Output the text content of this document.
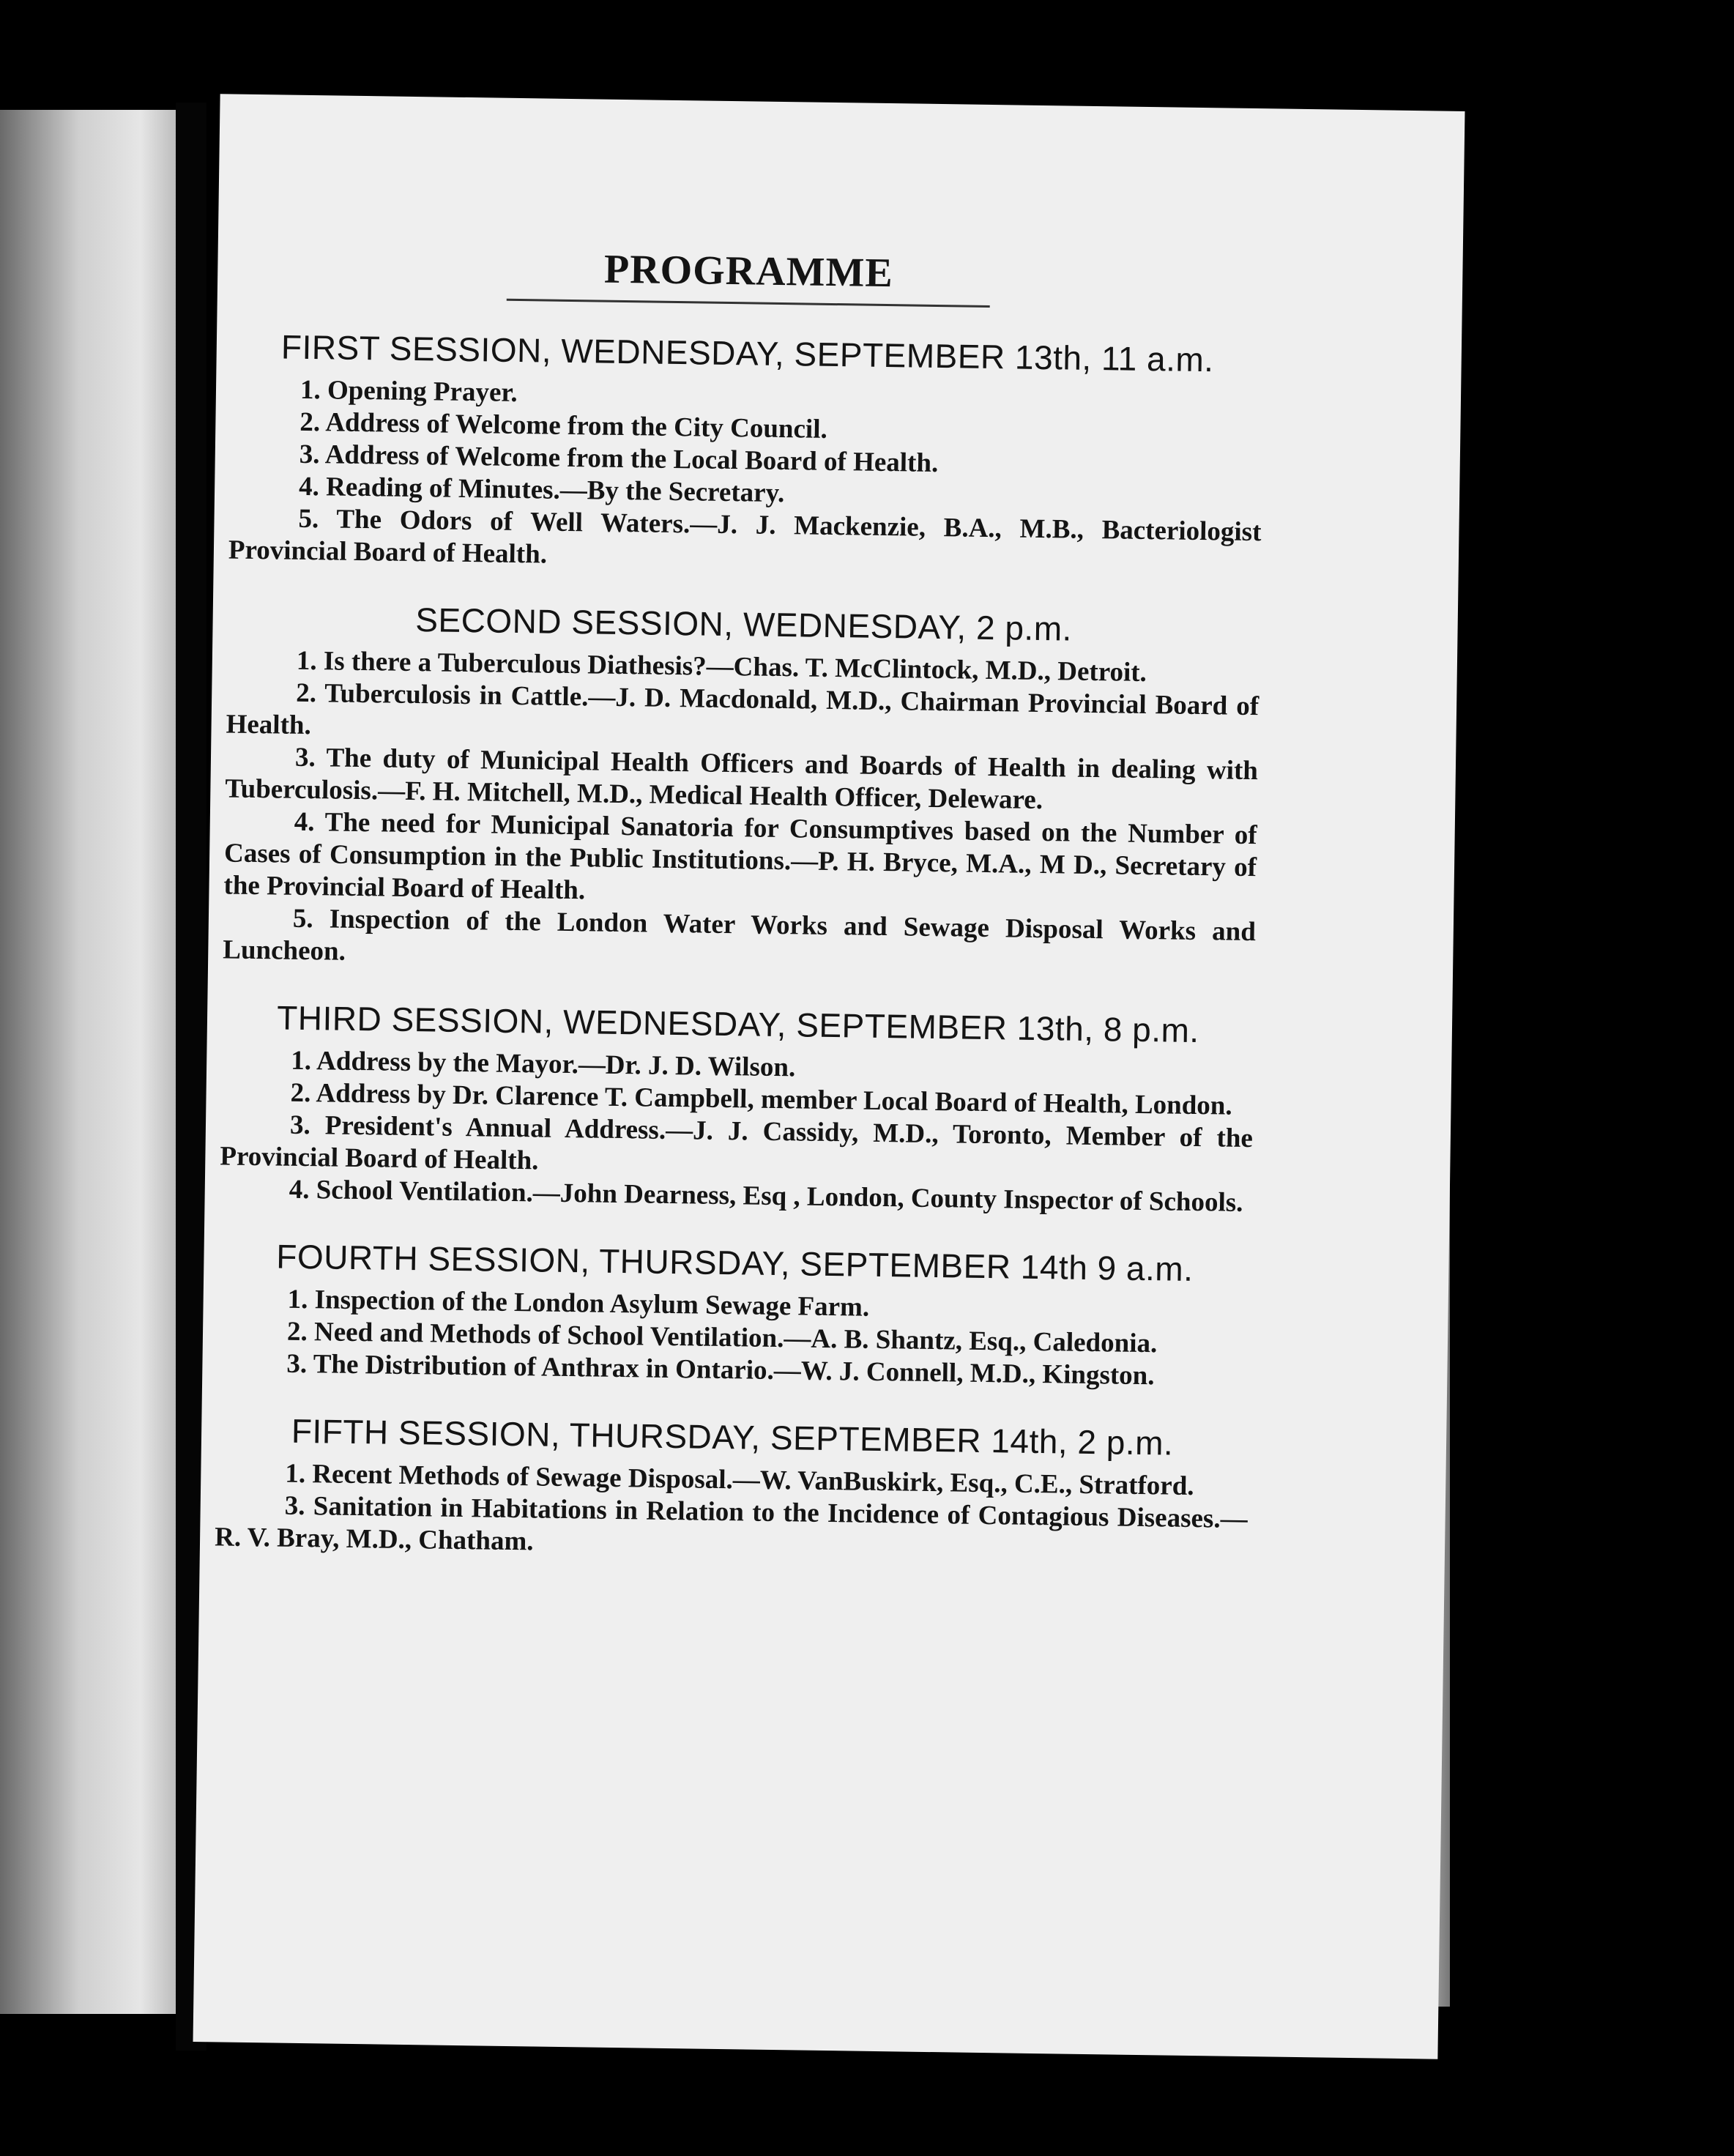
PROGRAMME
FIRST SESSION, WEDNESDAY, SEPTEMBER 13th, 11 a.m.

1. Opening Prayer.

2. Address of Welcome from the City Council.

3. Address of Welcome from the Local Board of Health.

4. Reading of Minutes.—By the Secretary.

5. The Odors of Well Waters.—J. J. Mackenzie, B.A., M.B., Bacteriologist Provincial Board of Health.

SECOND SESSION, WEDNESDAY, 2 p.m.

1. Is there a Tuberculous Diathesis?—Chas. T. McClintock, M.D., Detroit.

2. Tuberculosis in Cattle.—J. D. Macdonald, M.D., Chairman Provincial Board of Health.

3. The duty of Municipal Health Officers and Boards of Health in dealing with Tuberculosis.—F. H. Mitchell, M.D., Medical Health Officer, Deleware.

4. The need for Municipal Sanatoria for Consumptives based on the Number of Cases of Consumption in the Public Institutions.—P. H. Bryce, M.A., M D., Secretary of the Provincial Board of Health.

5. Inspection of the London Water Works and Sewage Disposal Works and Luncheon.

THIRD SESSION, WEDNESDAY, SEPTEMBER 13th, 8 p.m.

1. Address by the Mayor.—Dr. J. D. Wilson.

2. Address by Dr. Clarence T. Campbell, member Local Board of Health, London.

3. President's Annual Address.—J. J. Cassidy, M.D., Toronto, Member of the Provincial Board of Health.

4. School Ventilation.—John Dearness, Esq , London, County Inspector of Schools.

FOURTH SESSION, THURSDAY, SEPTEMBER 14th 9 a.m.

1. Inspection of the London Asylum Sewage Farm.

2. Need and Methods of School Ventilation.—A. B. Shantz, Esq., Caledonia.

3. The Distribution of Anthrax in Ontario.—W. J. Connell, M.D., Kingston.

FIFTH SESSION, THURSDAY, SEPTEMBER 14th, 2 p.m.

1. Recent Methods of Sewage Disposal.—W. VanBuskirk, Esq., C.E., Stratford.

3. Sanitation in Habitations in Relation to the Incidence of Contagious Diseases.—R. V. Bray, M.D., Chatham.
